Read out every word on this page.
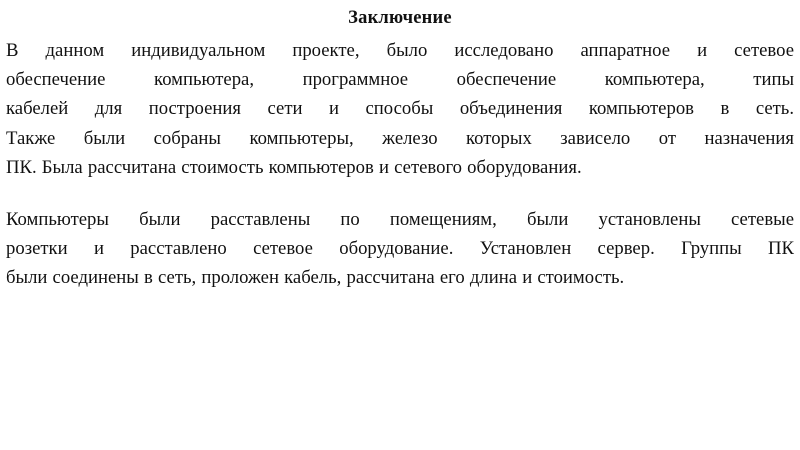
Заключение
В данном индивидуальном проекте, было исследовано аппаратное и сетевое
обеспечение компьютера, программное обеспечение компьютера, типы
кабелей для построения сети и способы объединения компьютеров в сеть.
Также были собраны компьютеры, железо которых зависело от назначения
ПК. Была рассчитана стоимость компьютеров и сетевого оборудования.
Компьютеры были расставлены по помещениям, были установлены сетевые
розетки и расставлено сетевое оборудование. Установлен сервер. Группы ПК
были соединены в сеть, проложен кабель, рассчитана его длина и стоимость.
